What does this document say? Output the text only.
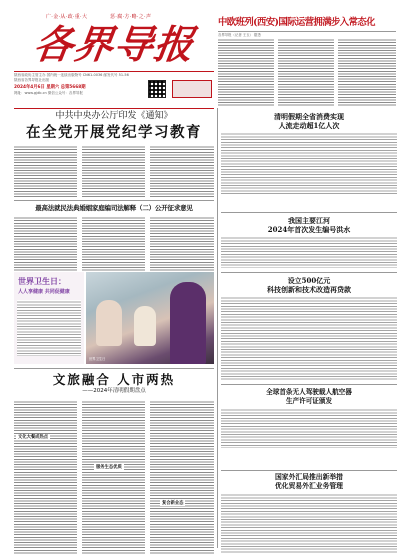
广·金·从·政·重·大	惩·腐·方·略·之·声
各界导报
陕西省政协主管主办 国内统一连续出版物号 CN61-0036 邮发代号 51-56
陕西省各界导报社出版
2024年4月6日 星期六 总第5668期
网址：www.gjdb.cn 微信公众号：各界导报
中欧班列(西安)国际运营拥满步入常态化
各界导报（记者 王玉） 据悉
中共中央办公厅印发《通知》
在全党开展党纪学习教育
清明假期全省消费实现
人流走动超1亿人次
我国主要江河
2024年首次发生编号洪水
设立500亿元
科技创新和技术改造再贷款
全球首条无人驾驶载人航空器
生产许可证颁发
国家外汇局推出新举措
优化贸易外汇业务管理
最高法就民法典婚姻家庭编司法解释（二）公开征求意见
世界卫生日：
人人享健康 共同促健康
世界卫生日
文旅融合 人市两热
——2024年清明假期盘点
文化大餐成热点
服务生态优质
复合新业态
